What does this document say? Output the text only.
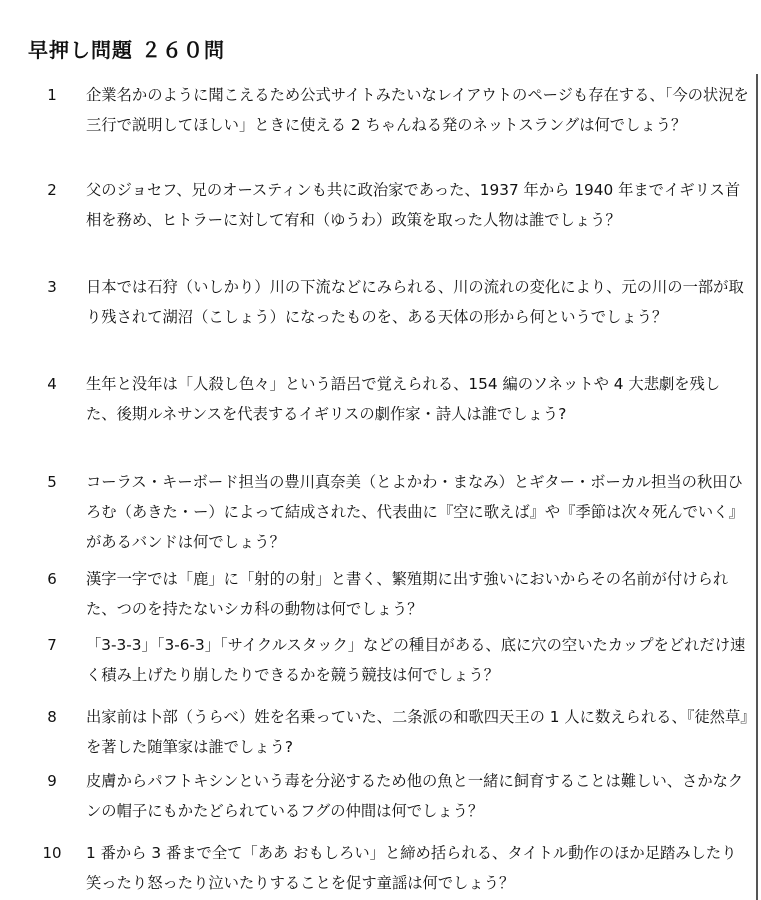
早押し問題 ２６０問
1	企業名かのように聞こえるため公式サイトみたいなレイアウトのページも存在する、「今の状況を三行で説明してほしい」ときに使える 2 ちゃんねる発のネットスラングは何でしょう？
2	父のジョセフ、兄のオースティンも共に政治家であった、1937 年から 1940 年までイギリス首相を務め、ヒトラーに対して宥和（ゆうわ）政策を取った人物は誰でしょう？
3	日本では石狩（いしかり）川の下流などにみられる、川の流れの変化により、元の川の一部が取り残されて湖沼（こしょう）になったものを、ある天体の形から何というでしょう？
4	生年と没年は「人殺し色々」という語呂で覚えられる、154 編のソネットや 4 大悲劇を残した、後期ルネサンスを代表するイギリスの劇作家・詩人は誰でしょう?
5	コーラス・キーボード担当の豊川真奈美（とよかわ・まなみ）とギター・ボーカル担当の秋田ひろむ（あきた・ー）によって結成された、代表曲に『空に歌えば』や『季節は次々死んでいく』があるバンドは何でしょう？
6	漢字一字では「鹿」に「射的の射」と書く、繁殖期に出す強いにおいからその名前が付けられた、つのを持たないシカ科の動物は何でしょう？
7	「3-3-3」「3-6-3」「サイクルスタック」などの種目がある、底に穴の空いたカップをどれだけ速く積み上げたり崩したりできるかを競う競技は何でしょう？
8	出家前は卜部（うらべ）姓を名乗っていた、二条派の和歌四天王の 1 人に数えられる、『徒然草』を著した随筆家は誰でしょう?
9	皮膚からパフトキシンという毒を分泌するため他の魚と一緒に飼育することは難しい、さかなクンの帽子にもかたどられているフグの仲間は何でしょう？
10	1 番から 3 番まで全て「ああ おもしろい」と締め括られる、タイトル動作のほか足踏みしたり笑ったり怒ったり泣いたりすることを促す童謡は何でしょう？
